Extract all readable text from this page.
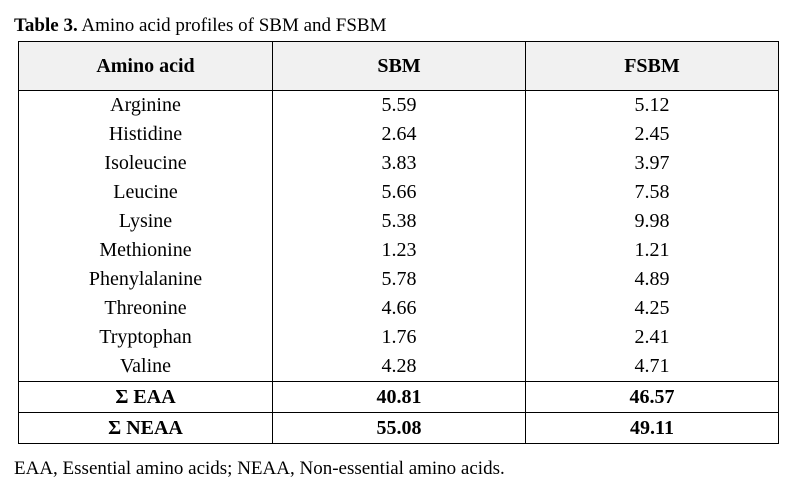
Table 3. Amino acid profiles of SBM and FSBM
Amino acid	SBM	FSBM
Arginine	5.59	5.12
Histidine	2.64	2.45
Isoleucine	3.83	3.97
Leucine	5.66	7.58
Lysine	5.38	9.98
Methionine	1.23	1.21
Phenylalanine	5.78	4.89
Threonine	4.66	4.25
Tryptophan	1.76	2.41
Valine	4.28	4.71
Σ EAA	40.81	46.57
Σ NEAA	55.08	49.11
EAA, Essential amino acids; NEAA, Non-essential amino acids.
